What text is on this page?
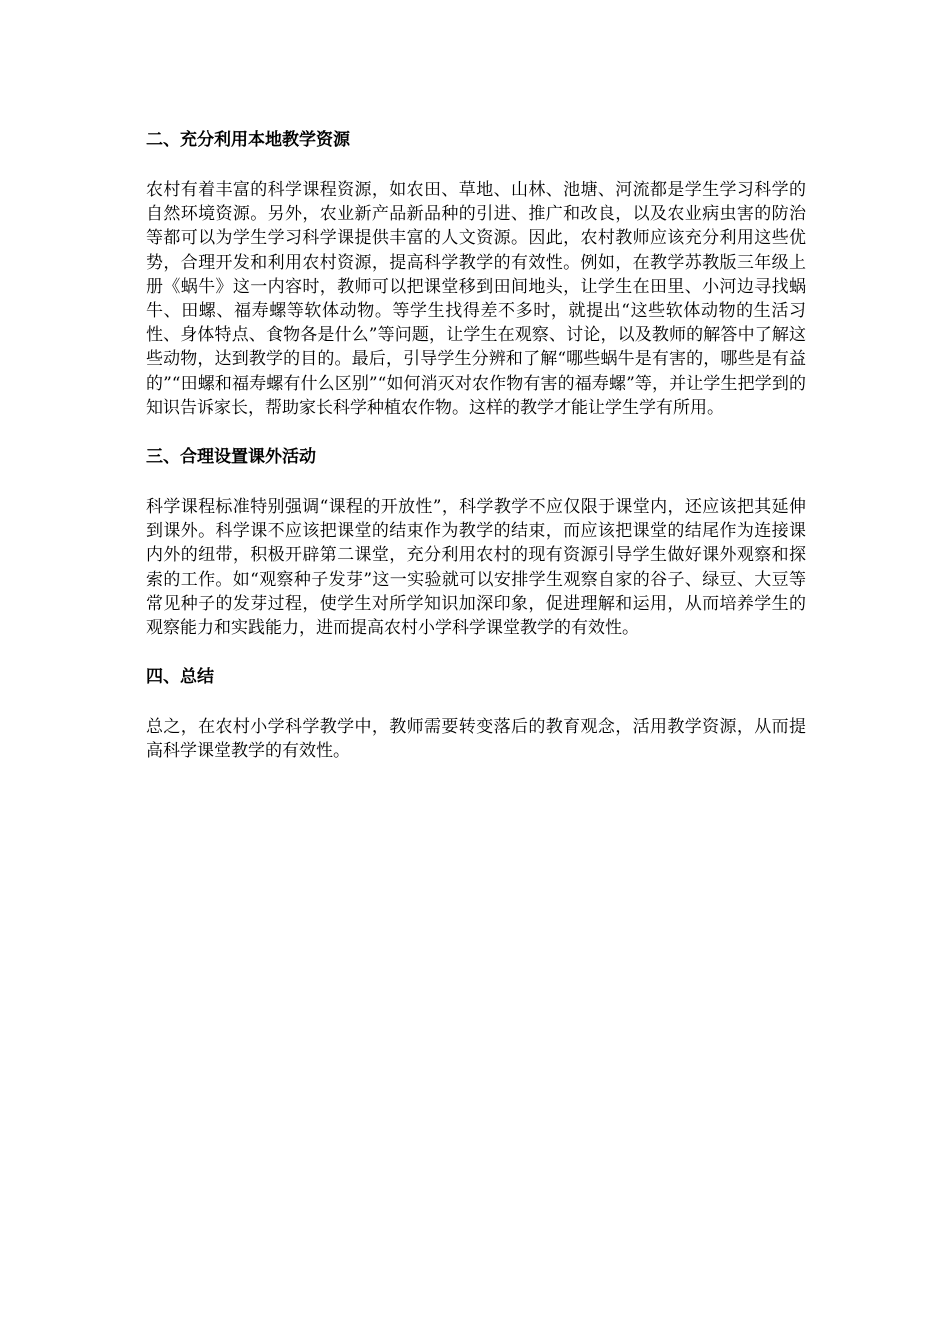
二、充分利用本地教学资源

农村有着丰富的科学课程资源，如农田、草地、山林、池塘、河流都是学生学习科学的自然环境资源。另外，农业新产品新品种的引进、推广和改良，以及农业病虫害的防治等都可以为学生学习科学课提供丰富的人文资源。因此，农村教师应该充分利用这些优势，合理开发和利用农村资源，提高科学教学的有效性。例如，在教学苏教版三年级上册《蜗牛》这一内容时，教师可以把课堂移到田间地头，让学生在田里、小河边寻找蜗牛、田螺、福寿螺等软体动物。等学生找得差不多时，就提出“这些软体动物的生活习性、身体特点、食物各是什么”等问题，让学生在观察、讨论，以及教师的解答中了解这些动物，达到教学的目的。最后，引导学生分辨和了解“哪些蜗牛是有害的，哪些是有益的”“田螺和福寿螺有什么区别”“如何消灭对农作物有害的福寿螺”等，并让学生把学到的知识告诉家长，帮助家长科学种植农作物。这样的教学才能让学生学有所用。

三、合理设置课外活动

科学课程标准特别强调“课程的开放性”，科学教学不应仅限于课堂内，还应该把其延伸到课外。科学课不应该把课堂的结束作为教学的结束，而应该把课堂的结尾作为连接课内外的纽带，积极开辟第二课堂，充分利用农村的现有资源引导学生做好课外观察和探索的工作。如“观察种子发芽”这一实验就可以安排学生观察自家的谷子、绿豆、大豆等常见种子的发芽过程，使学生对所学知识加深印象，促进理解和运用，从而培养学生的观察能力和实践能力，进而提高农村小学科学课堂教学的有效性。

四、总结

总之，在农村小学科学教学中，教师需要转变落后的教育观念，活用教学资源，从而提高科学课堂教学的有效性。
